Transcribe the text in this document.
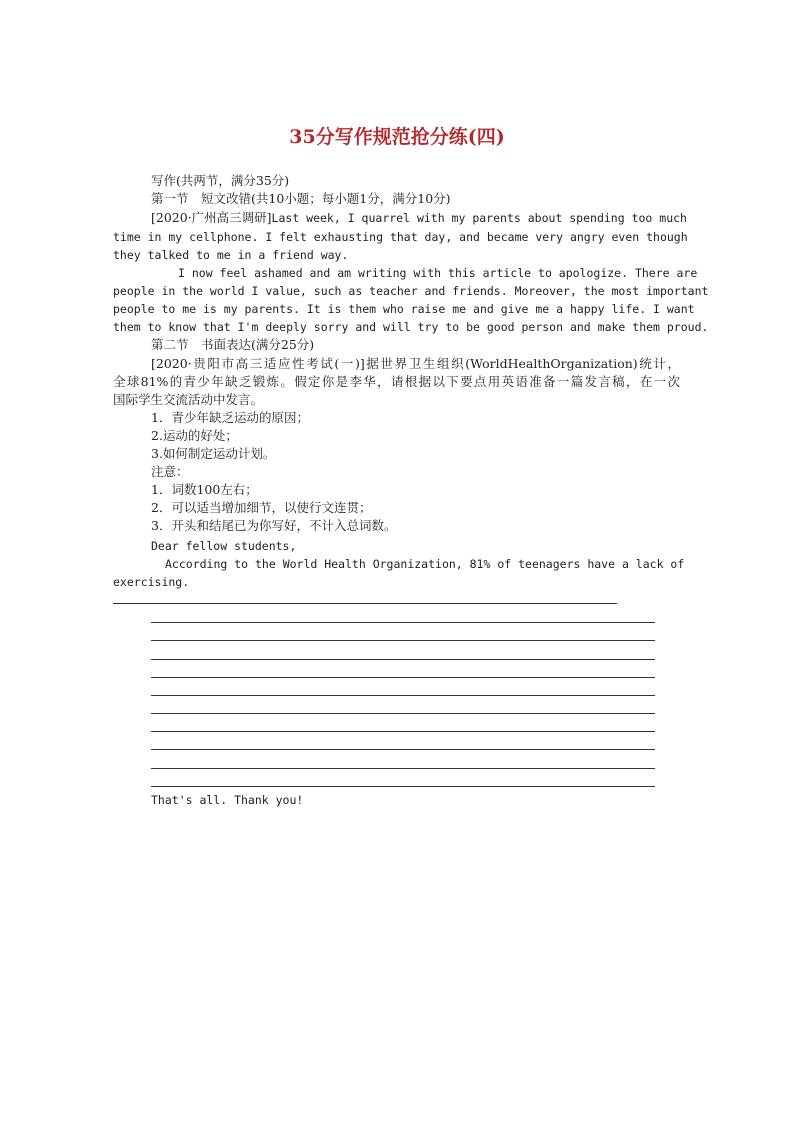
35分写作规范抢分练(四)
写作(共两节，满分35分)
第一节　短文改错(共10小题；每小题1分，满分10分)
[2020·广州高三调研]Last week, I quarrel with my parents about spending too much
time in my cellphone. I felt exhausting that day, and became very angry even though
they talked to me in a friend way.
I now feel ashamed and am writing with this article to apologize. There are
people in the world I value, such as teacher and friends. Moreover, the most important
people to me is my parents. It is them who raise me and give me a happy life. I want
them to know that I'm deeply sorry and will try to be good person and make them proud.
第二节　书面表达(满分25分)
[2020·贵阳市高三适应性考试(一)]据世界卫生组织(WorldHealthOrganization)统计，
全球81%的青少年缺乏锻炼。假定你是李华，请根据以下要点用英语准备一篇发言稿，在一次
国际学生交流活动中发言。
1．青少年缺乏运动的原因；
2.运动的好处；
3.如何制定运动计划。
注意：
1．词数100左右；
2．可以适当增加细节，以使行文连贯；
3．开头和结尾已为你写好，不计入总词数。
Dear fellow students,
According to the World Health Organization, 81% of teenagers have a lack of
exercising.
That's all. Thank you!
